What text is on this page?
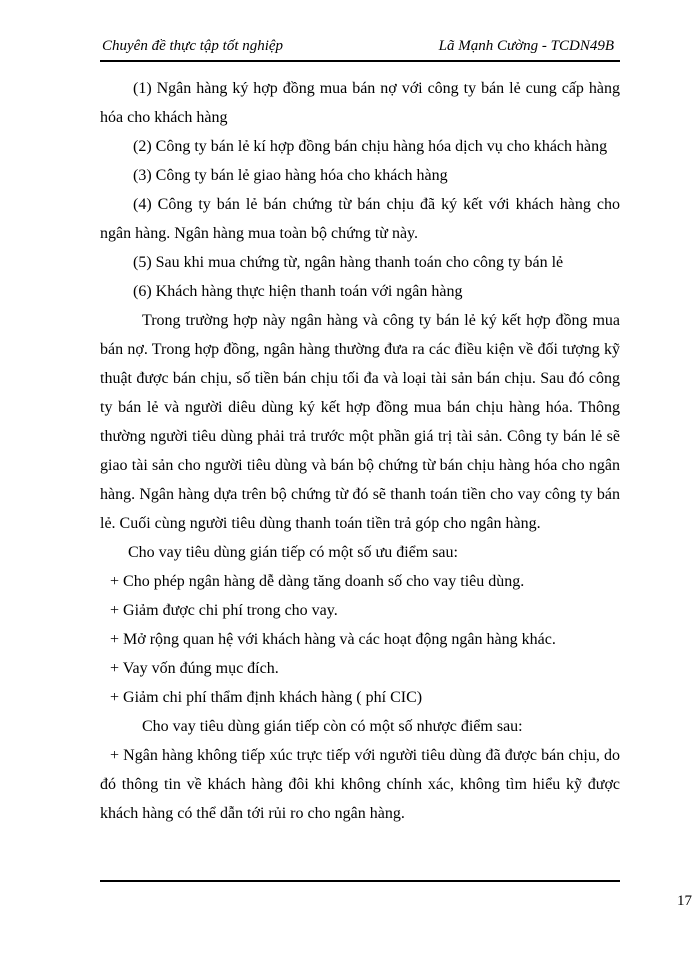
Chuyên đề thực tập tốt nghiệp	Lã Mạnh Cường - TCDN49B

(1) Ngân hàng ký hợp đồng mua bán nợ với công ty bán lẻ cung cấp hàng hóa cho khách hàng

(2) Công ty bán lẻ kí hợp đồng bán chịu hàng hóa dịch vụ cho khách hàng

(3) Công ty bán lẻ giao hàng hóa cho khách hàng

(4) Công ty bán lẻ bán chứng từ bán chịu đã ký kết với khách hàng cho ngân hàng. Ngân hàng mua toàn bộ chứng từ này.

(5) Sau khi mua chứng từ, ngân hàng thanh toán cho công ty bán lẻ

(6) Khách hàng thực hiện thanh toán với ngân hàng

Trong trường hợp này ngân hàng và công ty bán lẻ ký kết hợp đồng mua bán nợ. Trong hợp đồng, ngân hàng thường đưa ra các điều kiện về đối tượng kỹ thuật được bán chịu, số tiền bán chịu tối đa và loại tài sản bán chịu. Sau đó công ty bán lẻ và người diêu dùng ký kết hợp đồng mua bán chịu hàng hóa. Thông thường người tiêu dùng phải trả trước một phần giá trị tài sản. Công ty bán lẻ sẽ giao tài sản cho người tiêu dùng và bán bộ chứng từ bán chịu hàng hóa cho ngân hàng. Ngân hàng dựa trên bộ chứng từ đó sẽ thanh toán tiền cho vay công ty bán lẻ. Cuối cùng người tiêu dùng thanh toán tiền trả góp cho ngân hàng.

Cho vay tiêu dùng gián tiếp có một số ưu điểm sau:

+ Cho phép ngân hàng dễ dàng tăng doanh số cho vay tiêu dùng.

+ Giảm được chi phí trong cho vay.

+ Mở rộng quan hệ với khách hàng và các hoạt động ngân hàng khác.

+ Vay vốn đúng mục đích.

+ Giảm chi phí thẩm định khách hàng ( phí CIC)

Cho vay tiêu dùng gián tiếp còn có một số nhược điểm sau:

+ Ngân hàng không tiếp xúc trực tiếp với người tiêu dùng đã được bán chịu, do đó thông tin về khách hàng đôi khi không chính xác, không tìm hiểu kỹ được khách hàng có thể dẫn tới rủi ro cho ngân hàng.

17
